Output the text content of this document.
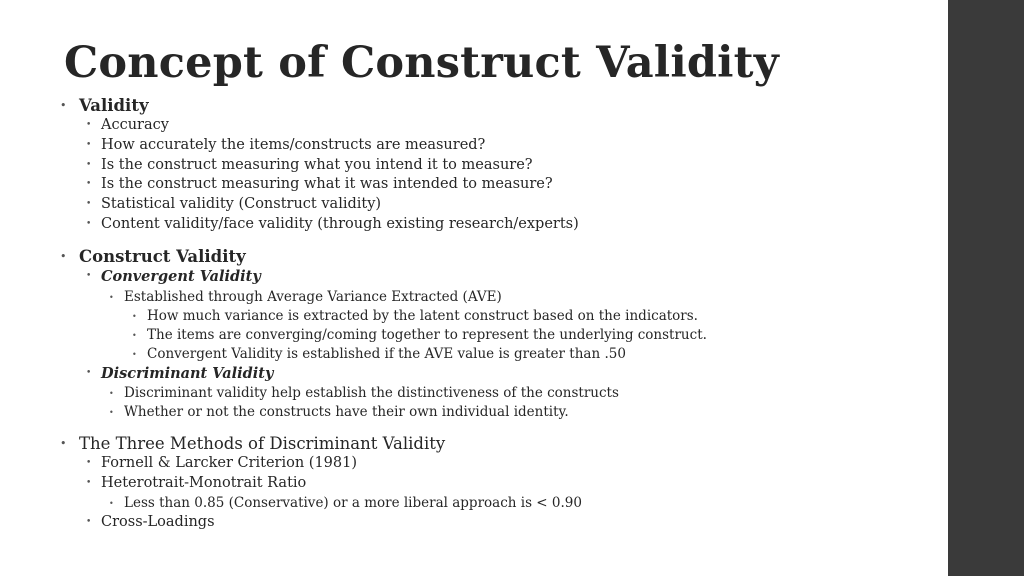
Concept of Construct Validity
• Validity
• Accuracy
• How accurately the items/constructs are measured?
• Is the construct measuring what you intend it to measure?
• Is the construct measuring what it was intended to measure?
• Statistical validity (Construct validity)
• Content validity/face validity (through existing research/experts)
• Construct Validity
• Convergent Validity
• Established through Average Variance Extracted (AVE)
• How much variance is extracted by the latent construct based on the indicators.
• The items are converging/coming together to represent the underlying construct.
• Convergent Validity is established if the AVE value is greater than .50
• Discriminant Validity
• Discriminant validity help establish the distinctiveness of the constructs
• Whether or not the constructs have their own individual identity.
• The Three Methods of Discriminant Validity
• Fornell & Larcker Criterion (1981)
• Heterotrait-Monotrait Ratio
• Less than 0.85 (Conservative) or a more liberal approach is < 0.90
• Cross-Loadings
